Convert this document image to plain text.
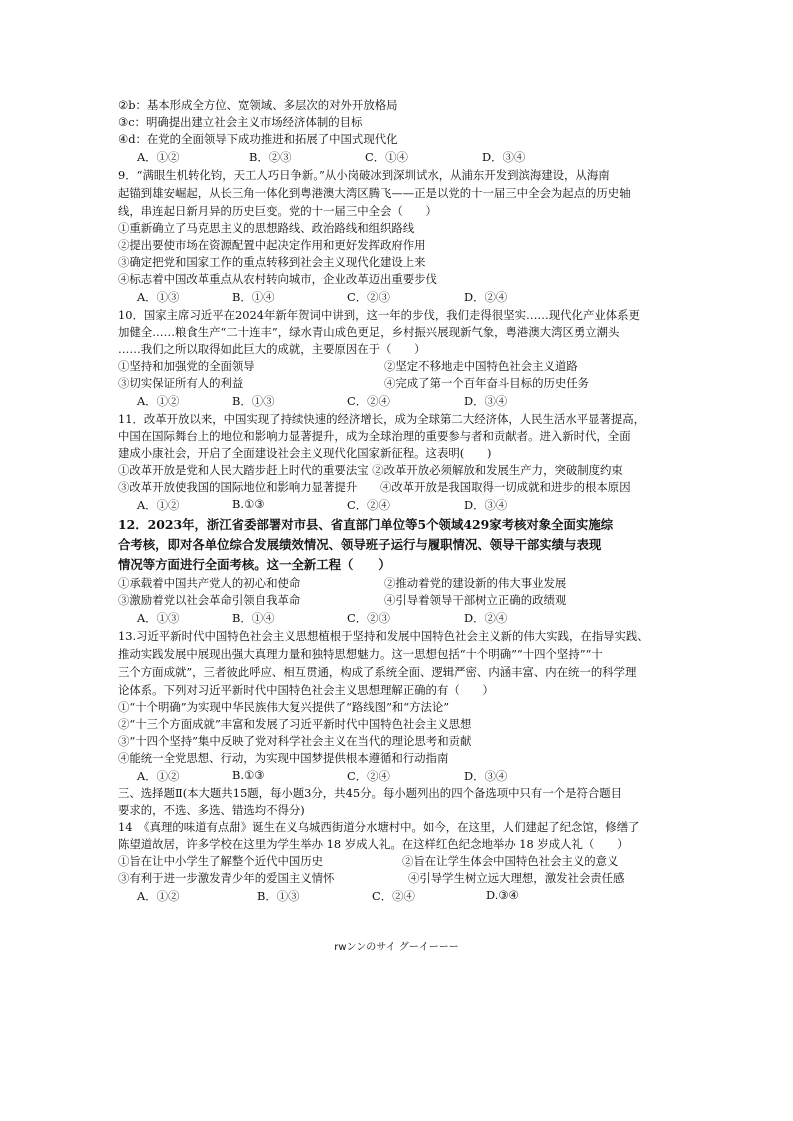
②b：基本形成全方位、宽领域、多层次的对外开放格局
③c：明确提出建立社会主义市场经济体制的目标
④d：在党的全面领导下成功推进和拓展了中国式现代化
A．①②	B．②③	C．①④	D．③④
9．“满眼生机转化钧，天工人巧日争新。”从小岗破冰到深圳试水，从浦东开发到滨海建设，从海南
起锚到雄安崛起，从长三角一体化到粤港澳大湾区腾飞——正是以党的十一届三中全会为起点的历史轴
线，串连起日新月异的历史巨变。党的十一届三中全会（　　）
①重新确立了马克思主义的思想路线、政治路线和组织路线
②提出要使市场在资源配置中起决定作用和更好发挥政府作用
③确定把党和国家工作的重点转移到社会主义现代化建设上来
④标志着中国改革重点从农村转向城市，企业改革迈出重要步伐
A．①③	B．①④	C．②③	D．②④
10．国家主席习近平在2024年新年贺词中讲到，这一年的步伐，我们走得很坚实……现代化产业体系更
加健全……粮食生产“二十连丰”，绿水青山成色更足，乡村振兴展现新气象，粤港澳大湾区勇立潮头
……我们之所以取得如此巨大的成就，主要原因在于（　　）
①坚持和加强党的全面领导	②坚定不移地走中国特色社会主义道路
③切实保证所有人的利益	④完成了第一个百年奋斗目标的历史任务
A．①②	B．①③	C．②④	D．③④
11．改革开放以来，中国实现了持续快速的经济增长，成为全球第二大经济体，人民生活水平显著提高，
中国在国际舞台上的地位和影响力显著提升，成为全球治理的重要参与者和贡献者。进入新时代，全面
建成小康社会，开启了全面建设社会主义现代化国家新征程。这表明(　　)
①改革开放是党和人民大踏步赶上时代的重要法宝 ②改革开放必须解放和发展生产力，突破制度约束
③改革开放使我国的国际地位和影响力显著提升　　④改革开放是我国取得一切成就和进步的根本原因
A．①②	B.①③	C．②④	D．③④
12．2023年，浙江省委部署对市县、省直部门单位等5个领域429家考核对象全面实施综
合考核，即对各单位综合发展绩效情况、领导班子运行与履职情况、领导干部实绩与表现
情况等方面进行全面考核。这一全新工程（　　）
①承载着中国共产党人的初心和使命	②推动着党的建设新的伟大事业发展
③激励着党以社会革命引领自我革命	④引导着领导干部树立正确的政绩观
A．①③	B．①④	C．②③	D．②④
13.习近平新时代中国特色社会主义思想植根于坚持和发展中国特色社会主义新的伟大实践，在指导实践、
推动实践发展中展现出强大真理力量和独特思想魅力。这一思想包括“十个明确”“十四个坚持”“十
三个方面成就”，三者彼此呼应、相互贯通，构成了系统全面、逻辑严密、内涵丰富、内在统一的科学理
论体系。下列对习近平新时代中国特色社会主义思想理解正确的有（　　）
①“十个明确”为实现中华民族伟大复兴提供了“路线图”和“方法论”
②“十三个方面成就”丰富和发展了习近平新时代中国特色社会主义思想
③“十四个坚持”集中反映了党对科学社会主义在当代的理论思考和贡献
④能统一全党思想、行动，为实现中国梦提供根本遵循和行动指南
A．①②	B.①③	C．②④	D．③④
三、选择题Ⅱ(本大题共15题，每小题3分，共45分。每小题列出的四个备选项中只有一个是符合题目
要求的，不选、多选、错选均不得分)
14　《真理的味道有点甜》诞生在义乌城西街道分水塘村中。如今，在这里，人们建起了纪念馆，修缮了
陈望道故居，许多学校在这里为学生举办 18 岁成人礼。在这样红色纪念地举办 18 岁成人礼（　　）
①旨在让中小学生了解整个近代中国历史	②旨在让学生体会中国特色社会主义的意义
③有利于进一步激发青少年的爱国主义情怀	④引导学生树立远大理想，激发社会责任感
A．①②	B．①③	C．②④	D.③④
rwンンのサイ グーイーーー
